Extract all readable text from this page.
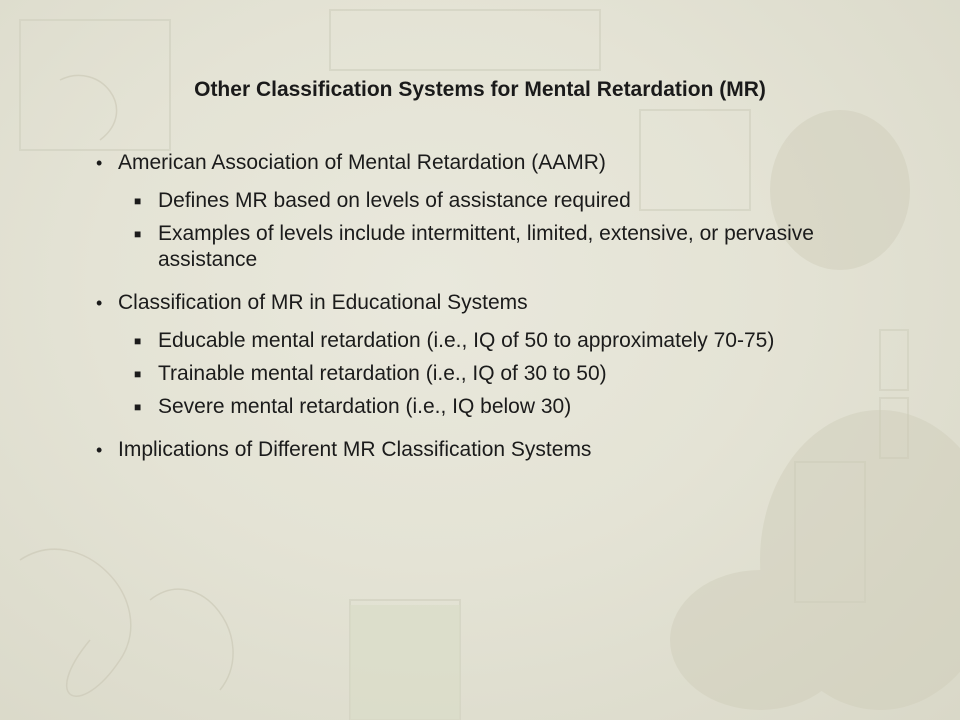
Other Classification Systems for Mental Retardation (MR)
• American Association of Mental Retardation (AAMR)
■ Defines MR based on levels of assistance required
■ Examples of levels include intermittent, limited, extensive, or pervasive assistance
• Classification of MR in Educational Systems
■ Educable mental retardation (i.e., IQ of 50 to approximately 70-75)
■ Trainable mental retardation (i.e., IQ of 30 to 50)
■ Severe mental retardation (i.e., IQ below 30)
• Implications of Different MR Classification Systems
